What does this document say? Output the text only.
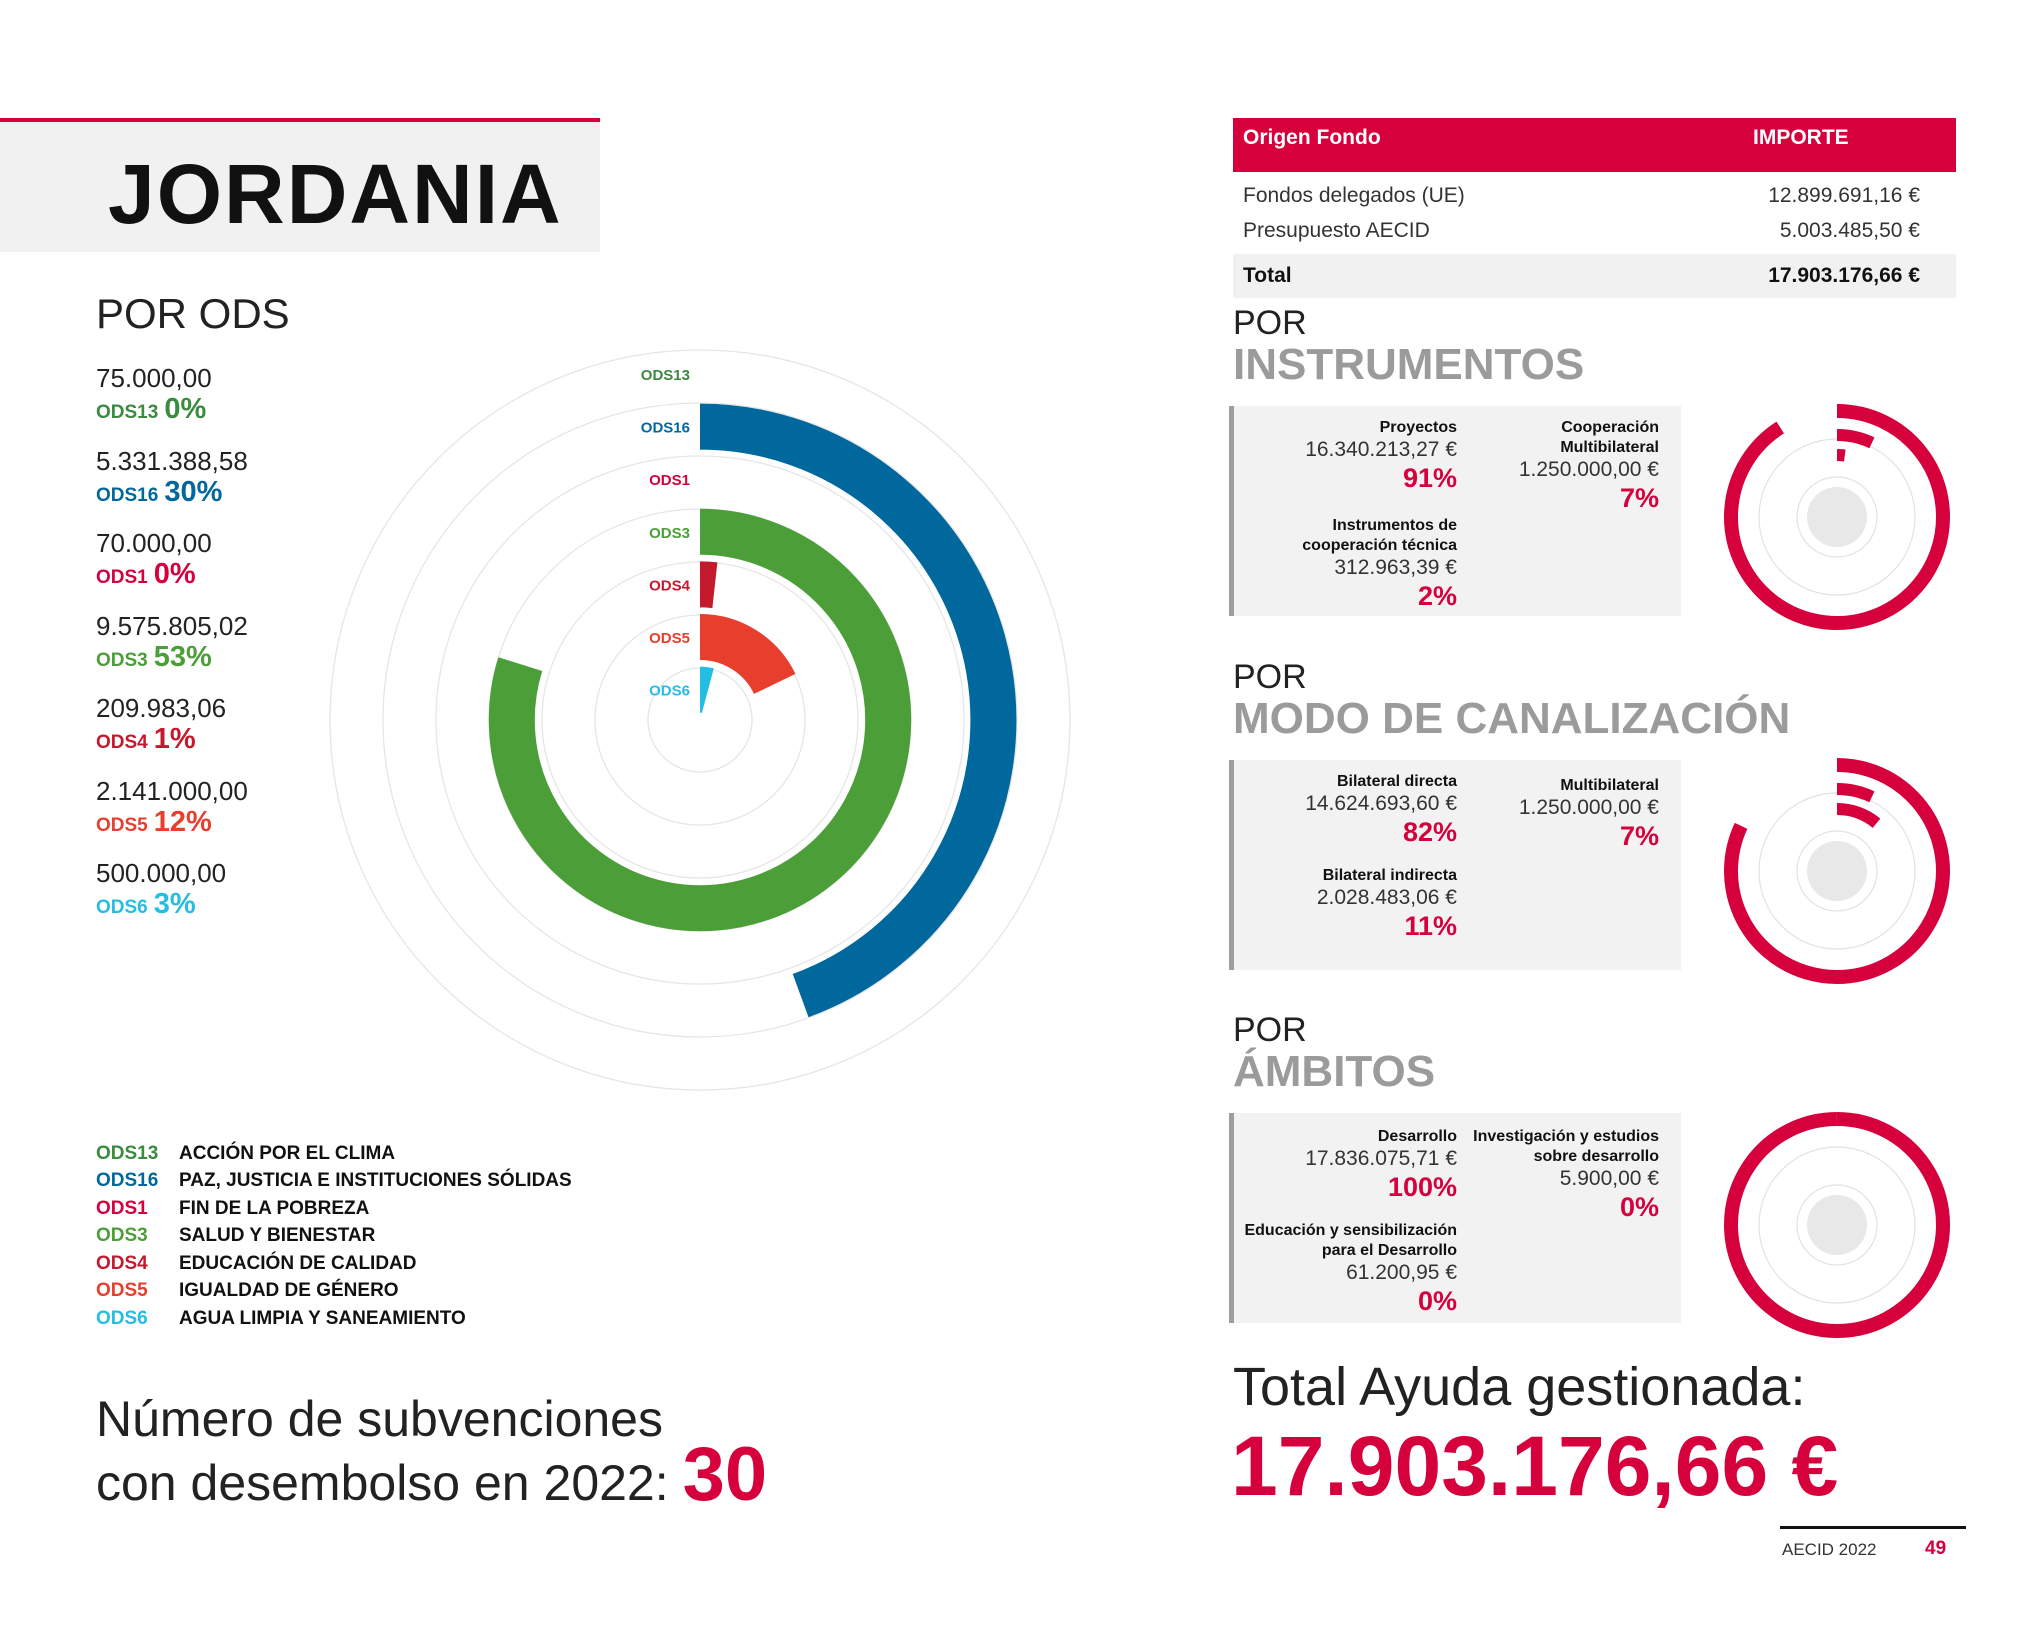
JORDANIA
POR ODS
75.000,00
ODS13 0%
5.331.388,58
ODS16 30%
70.000,00
ODS1 0%
9.575.805,02
ODS3 53%
209.983,06
ODS4 1%
2.141.000,00
ODS5 12%
500.000,00
ODS6 3%
ODS13
ODS16
ODS1
ODS3
ODS4
ODS5
ODS6
ODS13	ACCIÓN POR EL CLIMA
ODS16	PAZ, JUSTICIA E INSTITUCIONES SÓLIDAS
ODS1	FIN DE LA POBREZA
ODS3	SALUD Y BIENESTAR
ODS4	EDUCACIÓN DE CALIDAD
ODS5	IGUALDAD DE GÉNERO
ODS6	AGUA LIMPIA Y SANEAMIENTO
Número de subvenciones
con desembolso en 2022: 30
Origen Fondo	IMPORTE
Fondos delegados (UE)	12.899.691,16 €
Presupuesto AECID	5.003.485,50 €

Total	17.903.176,66 €
POR
INSTRUMENTOS
Proyectos
16.340.213,27 €
91%
Cooperación
Multibilateral
1.250.000,00 €
7%
Instrumentos de
cooperación técnica
312.963,39 €
2%
POR
MODO DE CANALIZACIÓN
Bilateral directa
14.624.693,60 €
82%
Multibilateral
1.250.000,00 €
7%
Bilateral indirecta
2.028.483,06 €
11%
POR
ÁMBITOS
Desarrollo
17.836.075,71 €
100%
Investigación y estudios
sobre desarrollo
5.900,00 €
0%
Educación y sensibilización
para el Desarrollo
61.200,95 €
0%
Total Ayuda gestionada:
17.903.176,66 €
AECID 2022	49
